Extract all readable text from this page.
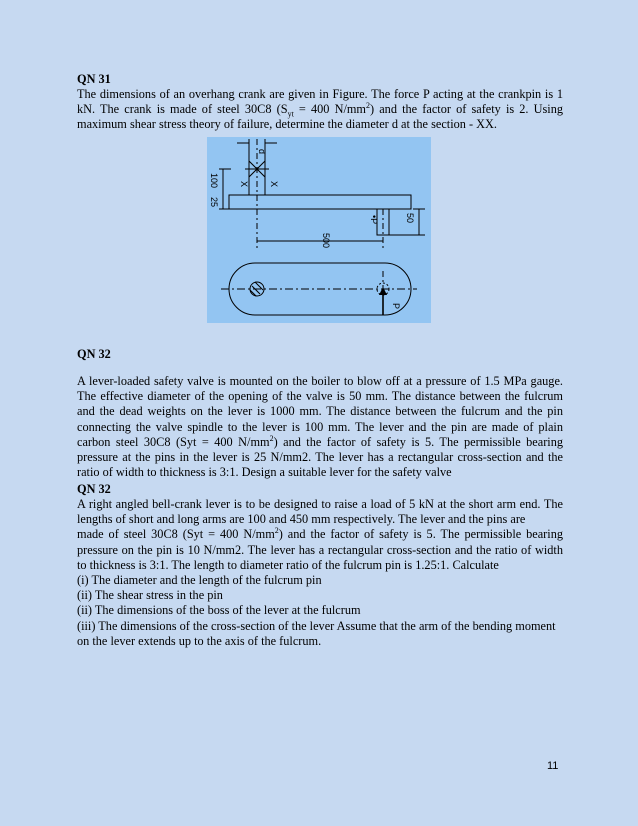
QN 31

The dimensions of an overhang crank are given in Figure. The force P acting at the crankpin is 1

kN. The crank is made of steel 30C8 ($S_{yt} = 400$ $N/mm^2$) and the factor of safety is 2. Using

maximum shear stress theory of failure, determine the diameter d at the section - XX.

d
X X
100
25
50
500
•P
P

QN 32

A lever-loaded safety valve is mounted on the boiler to blow off at a pressure of 1.5 MPa gauge.

The effective diameter of the opening of the valve is 50 mm. The distance between the fulcrum

and the dead weights on the lever is 1000 mm. The distance between the fulcrum and the pin

connecting the valve spindle to the lever is 100 mm. The lever and the pin are made of plain

carbon steel 30C8 (Syt = 400 $N/mm^2$) and the factor of safety is 5. The permissible bearing

pressure at the pins in the lever is 25 N/mm2. The lever has a rectangular cross-section and the

ratio of width to thickness is 3:1. Design a suitable lever for the safety valve

QN 32

A right angled bell-crank lever is to be designed to raise a load of 5 kN at the short arm end. The

lengths of short and long arms are 100 and 450 mm respectively. The lever and the pins are

made of steel 30C8 (Syt = 400 $N/mm^2$) and the factor of safety is 5. The permissible bearing

pressure on the pin is 10 N/mm2. The lever has a rectangular cross-section and the ratio of width

to thickness is 3:1. The length to diameter ratio of the fulcrum pin is 1.25:1. Calculate

(i) The diameter and the length of the fulcrum pin

(ii) The shear stress in the pin

(ii) The dimensions of the boss of the lever at the fulcrum

(iii) The dimensions of the cross-section of the lever Assume that the arm of the bending moment

on the lever extends up to the axis of the fulcrum.

11
